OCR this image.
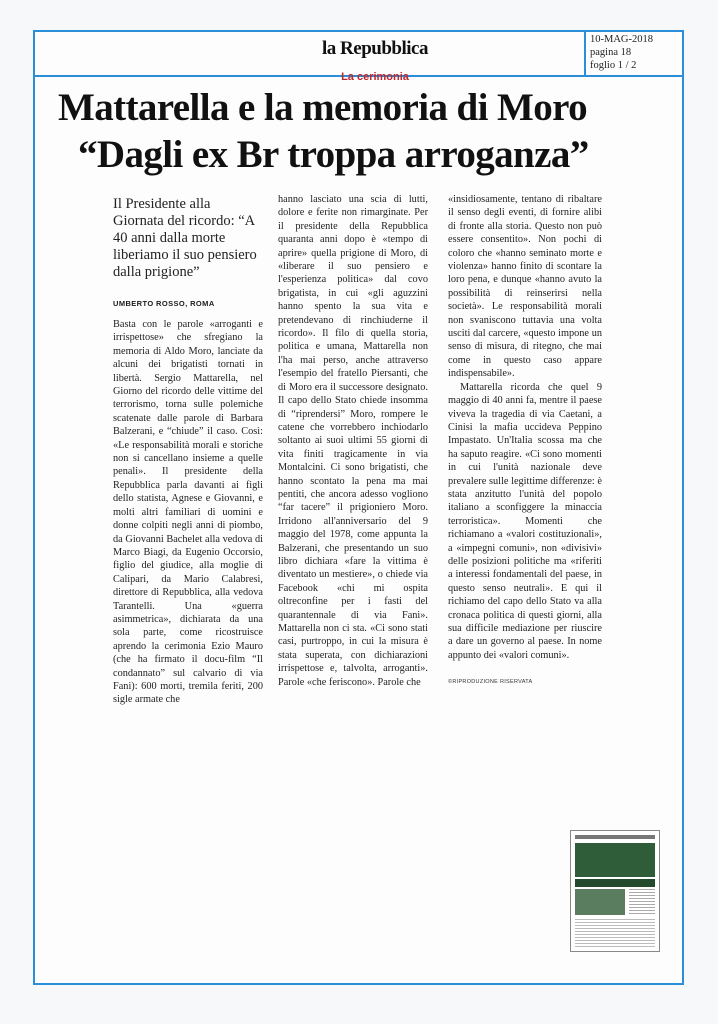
la Repubblica	10-MAG-2018
pagina 18
foglio 1 / 2
La cerimonia
Mattarella e la memoria di Moro
“Dagli ex Br troppa arroganza”
Il Presidente alla Giornata del ricordo: “A 40 anni dalla morte liberiamo il suo pensiero dalla prigione”
UMBERTO ROSSO, ROMA

Basta con le parole «arroganti e irrispettose» che sfregiano la memoria di Aldo Moro, lanciate da alcuni dei brigatisti tornati in libertà. Sergio Mattarella, nel Giorno del ricordo delle vittime del terrorismo, torna sulle polemiche scatenate dalle parole di Barbara Balzerani, e “chiude” il caso. Così: «Le responsabilità morali e storiche non si cancellano insieme a quelle penali». Il presidente della Repubblica parla davanti ai figli dello statista, Agnese e Giovanni, e molti altri familiari di uomini e donne colpiti negli anni di piombo, da Giovanni Bachelet alla vedova di Marco Biagi, da Eugenio Occorsio, figlio del giudice, alla moglie di Calipari, da Mario Calabresi, direttore di Repubblica, alla vedova Tarantelli. Una «guerra asimmetrica», dichiarata da una sola parte, come ricostruisce aprendo la cerimonia Ezio Mauro (che ha firmato il docu-film “Il condannato” sul calvario di via Fani): 600 morti, tremila feriti, 200 sigle armate che

hanno lasciato una scia di lutti, dolore e ferite non rimarginate. Per il presidente della Repubblica quaranta anni dopo è «tempo di aprire» quella prigione di Moro, di «liberare il suo pensiero e l'esperienza politica» dal covo brigatista, in cui «gli aguzzini hanno spento la sua vita e pretendevano di rinchiuderne il ricordo». Il filo di quella storia, politica e umana, Mattarella non l'ha mai perso, anche attraverso l'esempio del fratello Piersanti, che di Moro era il successore designato. Il capo dello Stato chiede insomma di “riprendersi” Moro, rompere le catene che vorrebbero inchiodarlo soltanto ai suoi ultimi 55 giorni di vita finiti tragicamente in via Montalcini. Ci sono brigatisti, che hanno scontato la pena ma mai pentiti, che ancora adesso vogliono “far tacere” il prigioniero Moro. Irridono all'anniversario del 9 maggio del 1978, come appunta la Balzerani, che presentando un suo libro dichiara «fare la vittima è diventato un mestiere», o chiede via Facebook «chi mi ospita oltreconfine per i fasti del quarantennale di via Fani». Mattarella non ci sta. «Ci sono stati casi, purtroppo, in cui la misura è stata superata, con dichiarazioni irrispettose e, talvolta, arroganti». Parole «che feriscono». Parole che

«insidiosamente, tentano di ribaltare il senso degli eventi, di fornire alibi di fronte alla storia. Questo non può essere consentito». Non pochi di coloro che «hanno seminato morte e violenza» hanno finito di scontare la loro pena, e dunque «hanno avuto la possibilità di reinserirsi nella società». Le responsabilità morali non svaniscono tuttavia una volta usciti dal carcere, «questo impone un senso di misura, di ritegno, che mai come in questo caso appare indispensabile».

Mattarella ricorda che quel 9 maggio di 40 anni fa, mentre il paese viveva la tragedia di via Caetani, a Cinisi la mafia uccideva Peppino Impastato. Un'Italia scossa ma che ha saputo reagire. «Ci sono momenti in cui l'unità nazionale deve prevalere sulle legittime differenze: è stata anzitutto l'unità del popolo italiano a sconfiggere la minaccia terroristica». Momenti che richiamano a «valori costituzionali», a «impegni comuni», non «divisivi» delle posizioni politiche ma «riferiti a interessi fondamentali del paese, in questo senso neutrali». E qui il richiamo del capo dello Stato va alla cronaca politica di questi giorni, alla sua difficile mediazione per riuscire a dare un governo al paese. In nome appunto dei «valori comuni».

©RIPRODUZIONE RISERVATA
